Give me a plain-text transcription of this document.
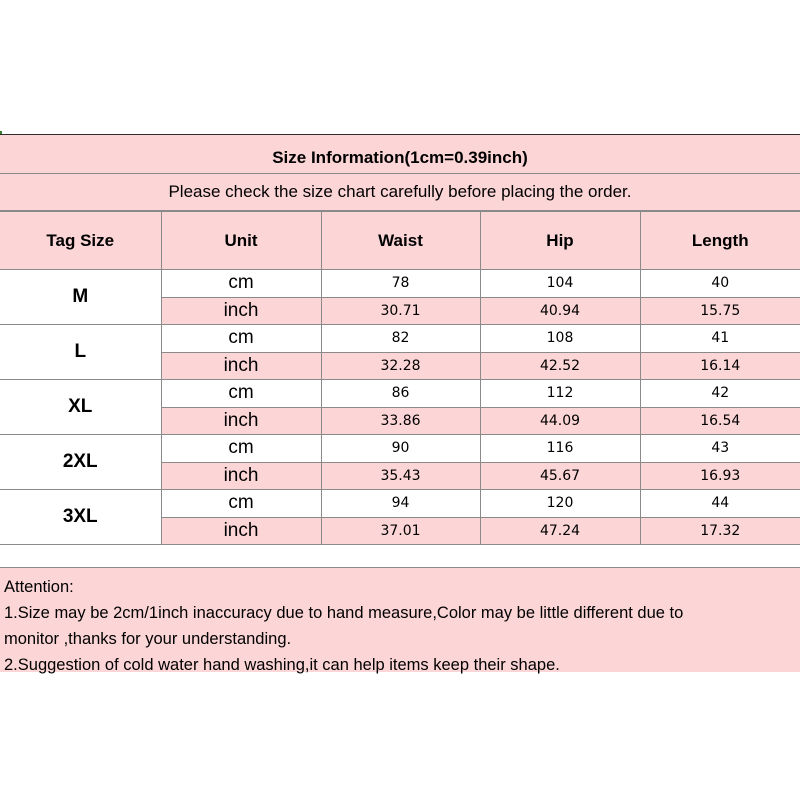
Size Information(1cm=0.39inch)
Please check the size chart carefully before placing the order.
Tag Size	Unit	Waist	Hip	Length
M	cm	78	104	40
	inch	30.71	40.94	15.75
L	cm	82	108	41
	inch	32.28	42.52	16.14
XL	cm	86	112	42
	inch	33.86	44.09	16.54
2XL	cm	90	116	43
	inch	35.43	45.67	16.93
3XL	cm	94	120	44
	inch	37.01	47.24	17.32
Attention:
1.Size may be 2cm/1inch inaccuracy due to hand measure,Color may be little different due to
monitor ,thanks for your understanding.
2.Suggestion of cold water hand washing,it can help items keep their shape.
